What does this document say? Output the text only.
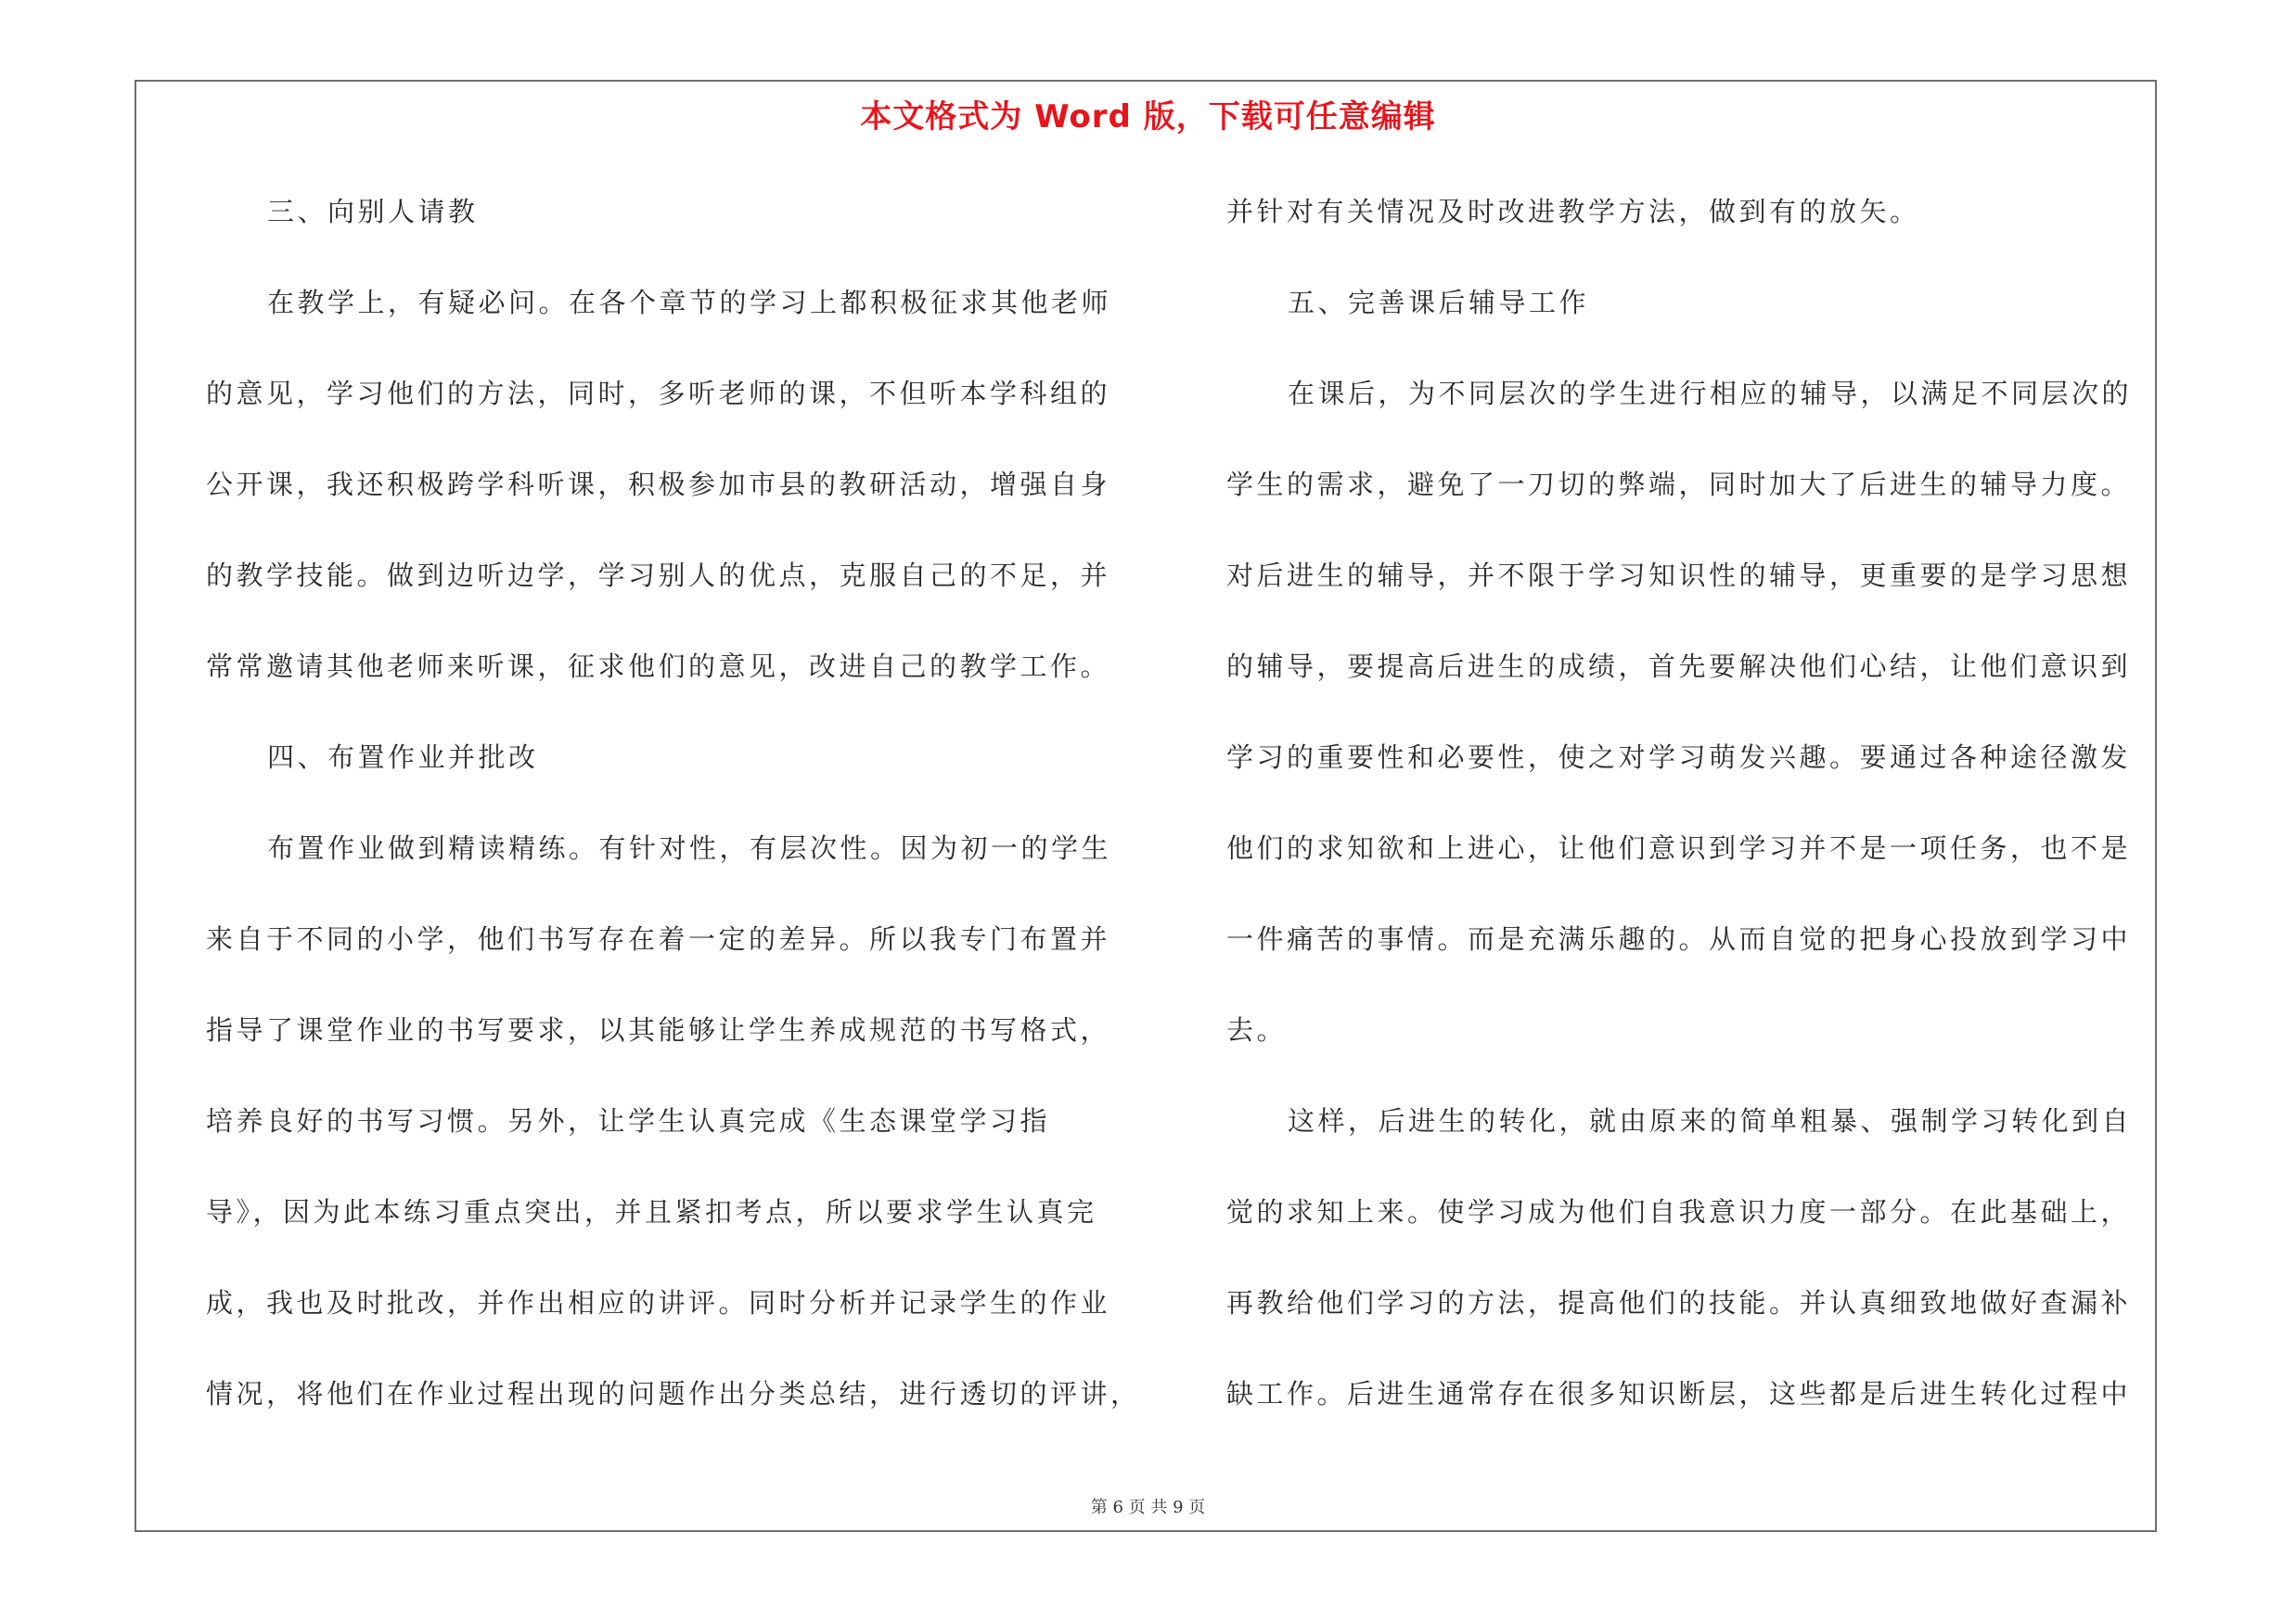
本文格式为 Word 版，下载可任意编辑
三、向别人请教
在教学上，有疑必问。在各个章节的学习上都积极征求其他老师
的意见，学习他们的方法，同时，多听老师的课，不但听本学科组的
公开课，我还积极跨学科听课，积极参加市县的教研活动，增强自身
的教学技能。做到边听边学，学习别人的优点，克服自己的不足，并
常常邀请其他老师来听课，征求他们的意见，改进自己的教学工作。
四、布置作业并批改
布置作业做到精读精练。有针对性，有层次性。因为初一的学生
来自于不同的小学，他们书写存在着一定的差异。所以我专门布置并
指导了课堂作业的书写要求，以其能够让学生养成规范的书写格式，
培养良好的书写习惯。另外，让学生认真完成《生态课堂学习指
导》，因为此本练习重点突出，并且紧扣考点，所以要求学生认真完
成，我也及时批改，并作出相应的讲评。同时分析并记录学生的作业
情况，将他们在作业过程出现的问题作出分类总结，进行透切的评讲，
并针对有关情况及时改进教学方法，做到有的放矢。
五、完善课后辅导工作
在课后，为不同层次的学生进行相应的辅导，以满足不同层次的
学生的需求，避免了一刀切的弊端，同时加大了后进生的辅导力度。
对后进生的辅导，并不限于学习知识性的辅导，更重要的是学习思想
的辅导，要提高后进生的成绩，首先要解决他们心结，让他们意识到
学习的重要性和必要性，使之对学习萌发兴趣。要通过各种途径激发
他们的求知欲和上进心，让他们意识到学习并不是一项任务，也不是
一件痛苦的事情。而是充满乐趣的。从而自觉的把身心投放到学习中
去。
这样，后进生的转化，就由原来的简单粗暴、强制学习转化到自
觉的求知上来。使学习成为他们自我意识力度一部分。在此基础上，
再教给他们学习的方法，提高他们的技能。并认真细致地做好查漏补
缺工作。后进生通常存在很多知识断层，这些都是后进生转化过程中
第 6 页 共 9 页
